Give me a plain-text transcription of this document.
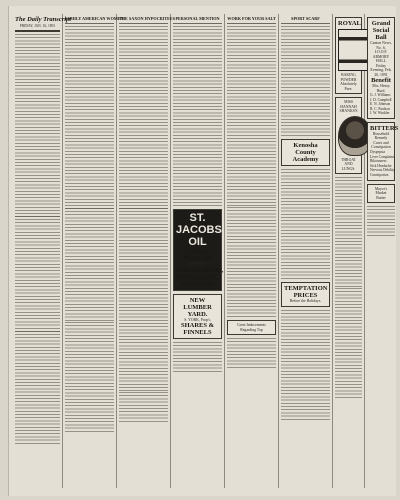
The Daily Transcript
FRIDAY, JAN. 16, 1891
FAMILY AMERICAN WOMEN
THE SAXON HYPOCRITEES PERSONAL MENTION
ST. JACOBS OIL
GREAT REMEDY
FOR PAIN
RHEUMATISM,
NEURALGIA,
SCIATICA,
NEW LUMBER YARD.
S. YORK, Prop'r,
SHARES & FINNELS
WORK FOR YOUR SALT
Great Inducements Regarding Top
SPORT SCARF
Kenosha County Academy
TEMPTATION PRICES
Before the Holidays.
ROYAL
BAKING
POWDER
Absolutely Pure.
MISS HANNAH SHANKS'S
THROAT AND LUNGS.
Grand Social Ball
Canton News, No. 6,
I.O.O.F.
ARMORY HALL
Friday Evening, Feb. 20, 1891
Benefit
Mrs. Henry Hurd.
G. J. Williams
J. D. Campbell
E. N. Johnson
B. C. Paulson
J. W. Winkler
BITTERS
Household Remedy
Cures and Constipation
Dyspepsia
Liver Complaint
Biliousness
Sick Headache
Nervous Debility
Constipation
Mayor's Market
Butter
